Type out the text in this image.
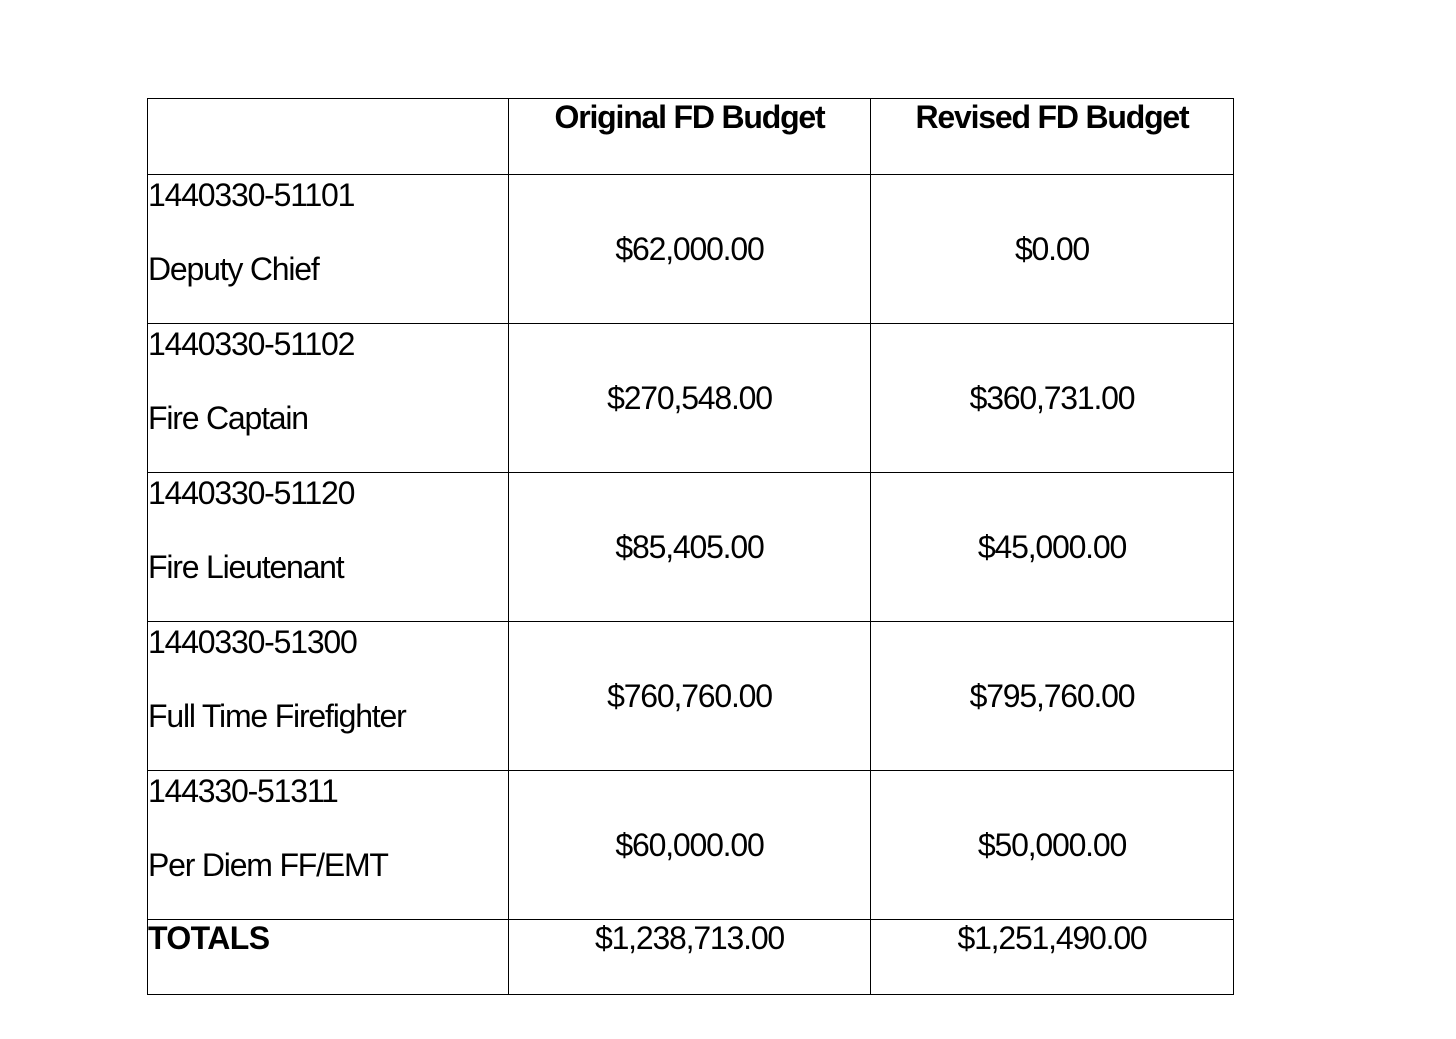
	Original FD Budget	Revised FD Budget

1440330-51101
Deputy Chief	$62,000.00	$0.00

1440330-51102
Fire Captain	$270,548.00	$360,731.00

1440330-51120
Fire Lieutenant	$85,405.00	$45,000.00

1440330-51300
Full Time Firefighter	$760,760.00	$795,760.00

144330-51311
Per Diem FF/EMT	$60,000.00	$50,000.00
TOTALS	$1,238,713.00	$1,251,490.00
